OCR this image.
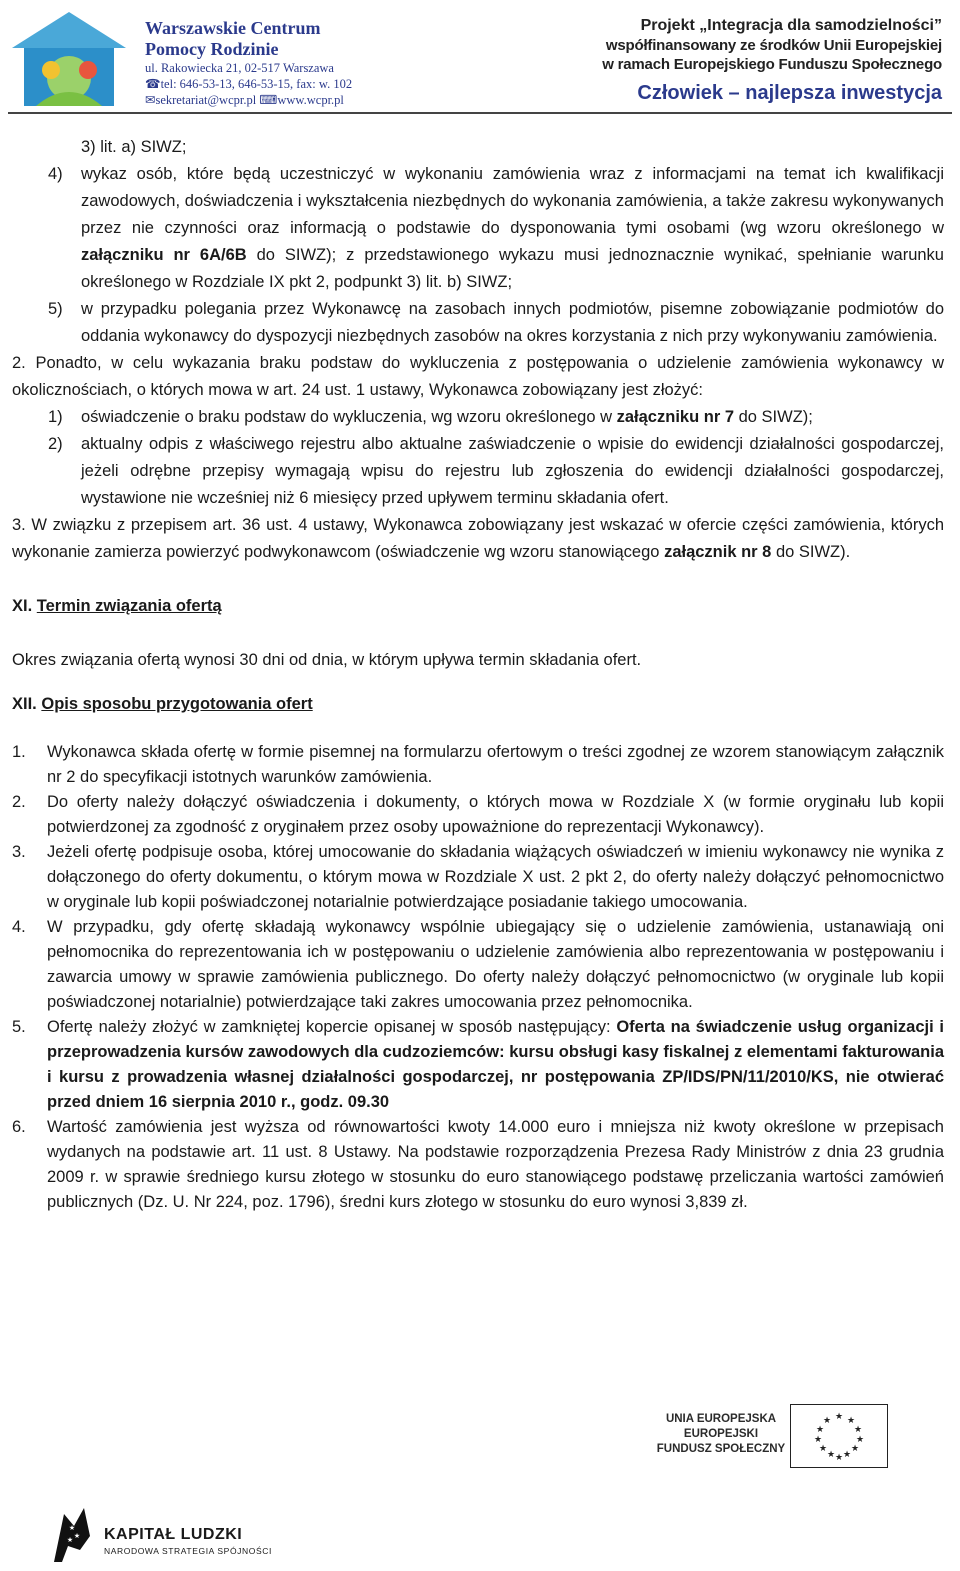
Warszawskie Centrum
Pomocy Rodzinie
ul. Rakowiecka 21, 02-517 Warszawa
☎tel: 646-53-13, 646-53-15, fax: w. 102
✉sekretariat@wcpr.pl ⌨www.wcpr.pl
Projekt „Integracja dla samodzielności”
współfinansowany ze środków Unii Europejskiej
w ramach Europejskiego Funduszu Społecznego
Człowiek – najlepsza inwestycja

3) lit. a) SIWZ;

4) wykaz osób, które będą uczestniczyć w wykonaniu zamówienia wraz z informacjami na temat ich kwalifikacji zawodowych, doświadczenia i wykształcenia niezbędnych do wykonania zamówienia, a także zakresu wykonywanych przez nie czynności oraz informacją o podstawie do dysponowania tymi osobami (wg wzoru określonego w załączniku nr 6A/6B do SIWZ); z przedstawionego wykazu musi jednoznacznie wynikać, spełnianie warunku określonego w Rozdziale IX pkt 2, podpunkt 3) lit. b) SIWZ;
5) w przypadku polegania przez Wykonawcę na zasobach innych podmiotów, pisemne zobowiązanie podmiotów do oddania wykonawcy do dyspozycji niezbędnych zasobów na okres korzystania z nich przy wykonywaniu zamówienia.

2. Ponadto, w celu wykazania braku podstaw do wykluczenia z postępowania o udzielenie zamówienia wykonawcy w okolicznościach, o których mowa w art. 24 ust. 1 ustawy, Wykonawca zobowiązany jest złożyć:

1) oświadczenie o braku podstaw do wykluczenia, wg wzoru określonego w załączniku nr 7 do SIWZ);
2) aktualny odpis z właściwego rejestru albo aktualne zaświadczenie o wpisie do ewidencji działalności gospodarczej, jeżeli odrębne przepisy wymagają wpisu do rejestru lub zgłoszenia do ewidencji działalności gospodarczej, wystawione nie wcześniej niż 6 miesięcy przed upływem terminu składania ofert.

3. W związku z przepisem art. 36 ust. 4 ustawy, Wykonawca zobowiązany jest wskazać w ofercie części zamówienia, których wykonanie zamierza powierzyć podwykonawcom (oświadczenie wg wzoru stanowiącego załącznik nr 8 do SIWZ).

XI. Termin związania ofertą

Okres związania ofertą wynosi 30 dni od dnia, w którym upływa termin składania ofert.

XII. Opis sposobu przygotowania ofert

1. Wykonawca składa ofertę w formie pisemnej na formularzu ofertowym o treści zgodnej ze wzorem stanowiącym załącznik nr 2 do specyfikacji istotnych warunków zamówienia.
2. Do oferty należy dołączyć oświadczenia i dokumenty, o których mowa w Rozdziale X (w formie oryginału lub kopii potwierdzonej za zgodność z oryginałem przez osoby upoważnione do reprezentacji Wykonawcy).
3. Jeżeli ofertę podpisuje osoba, której umocowanie do składania wiążących oświadczeń w imieniu wykonawcy nie wynika z dołączonego do oferty dokumentu, o którym mowa w Rozdziale X ust. 2 pkt 2, do oferty należy dołączyć pełnomocnictwo w oryginale lub kopii poświadczonej notarialnie potwierdzające posiadanie takiego umocowania.
4. W przypadku, gdy ofertę składają wykonawcy wspólnie ubiegający się o udzielenie zamówienia, ustanawiają oni pełnomocnika do reprezentowania ich w postępowaniu o udzielenie zamówienia albo reprezentowania w postępowaniu i zawarcia umowy w sprawie zamówienia publicznego. Do oferty należy dołączyć pełnomocnictwo (w oryginale lub kopii poświadczonej notarialnie) potwierdzające taki zakres umocowania przez pełnomocnika.
5. Ofertę należy złożyć w zamkniętej kopercie opisanej w sposób następujący: Oferta na świadczenie usług organizacji i przeprowadzenia kursów zawodowych dla cudzoziemców: kursu obsługi kasy fiskalnej z elementami fakturowania i kursu z prowadzenia własnej działalności gospodarczej, nr postępowania ZP/IDS/PN/11/2010/KS, nie otwierać przed dniem 16 sierpnia 2010 r., godz. 09.30
6. Wartość zamówienia jest wyższa od równowartości kwoty 14.000 euro i mniejsza niż kwoty określone w przepisach wydanych na podstawie art. 11 ust. 8 Ustawy. Na podstawie rozporządzenia Prezesa Rady Ministrów z dnia 23 grudnia 2009 r. w sprawie średniego kursu złotego w stosunku do euro stanowiącego podstawę przeliczania wartości zamówień publicznych (Dz. U. Nr 224, poz. 1796), średni kurs złotego w stosunku do euro wynosi 3,839 zł.
UNIA EUROPEJSKA
EUROPEJSKI
FUNDUSZ SPOŁECZNY
★ ★
★
★
★
★
★
★
★
★
★
★
★
★
★ KAPITAŁ LUDZKI
NARODOWA STRATEGIA SPÓJNOŚCI
